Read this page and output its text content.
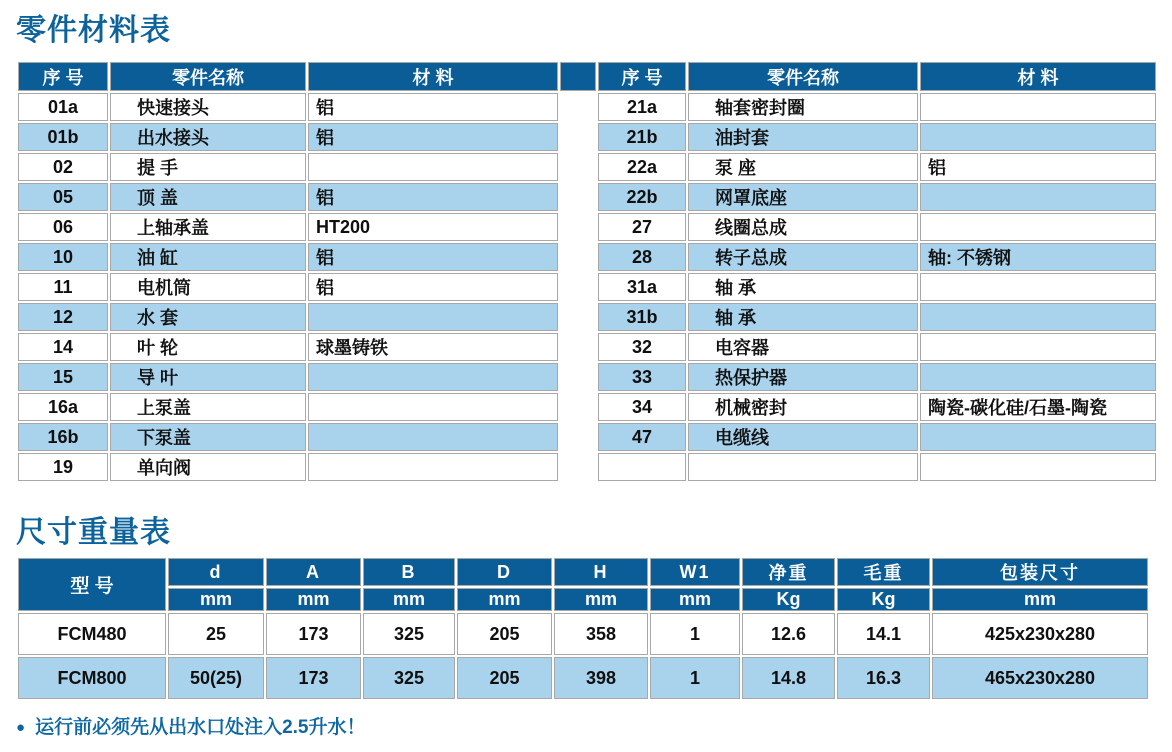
零件材料表
序 号	零件名称	材 料		序 号	零件名称	材 料
01a	快速接头	铝		21a	轴套密封圈	
01b	出水接头	铝		21b	油封套	
02	提 手			22a	泵 座	铝
05	顶 盖	铝		22b	网罩底座	
06	上轴承盖	HT200		27	线圈总成	
10	油 缸	铝		28	转子总成	轴: 不锈钢
11	电机筒	铝		31a	轴 承	
12	水 套			31b	轴 承	
14	叶 轮	球墨铸铁		32	电容器	
15	导 叶			33	热保护器	
16a	上泵盖			34	机械密封	陶瓷-碳化硅/石墨-陶瓷
16b	下泵盖			47	电缆线	
19	单向阀					
尺寸重量表
型 号	d	A	B	D	H	W1	净重	毛重	包装尺寸
	mm	mm	mm	mm	mm	mm	Kg	Kg	mm
FCM480	25	173	325	205	358	1	12.6	14.1	425x230x280
FCM800	50(25)	173	325	205	398	1	14.8	16.3	465x230x280
● 运行前必须先从出水口处注入2.5升水！
